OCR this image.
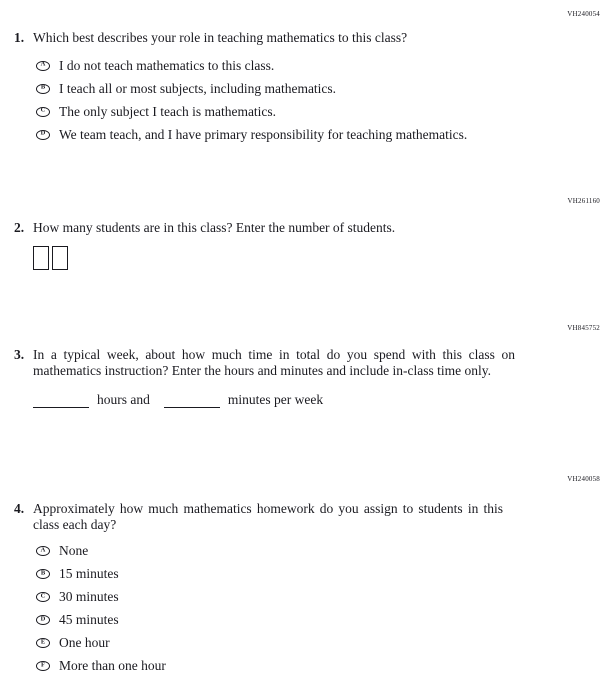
VH240054
1. Which best describes your role in teaching mathematics to this class?
A I do not teach mathematics to this class.
B I teach all or most subjects, including mathematics.
C The only subject I teach is mathematics.
D We team teach, and I have primary responsibility for teaching mathematics.
VH261160
2. How many students are in this class? Enter the number of students.
VH845752
3. In a typical week, about how much time in total do you spend with this class on mathematics instruction? Enter the hours and minutes and include in-class time only.
hours and	minutes per week
VH240058
4. Approximately how much mathematics homework do you assign to students in this class each day?
A None
B 15 minutes
C 30 minutes
D 45 minutes
E One hour
F More than one hour
